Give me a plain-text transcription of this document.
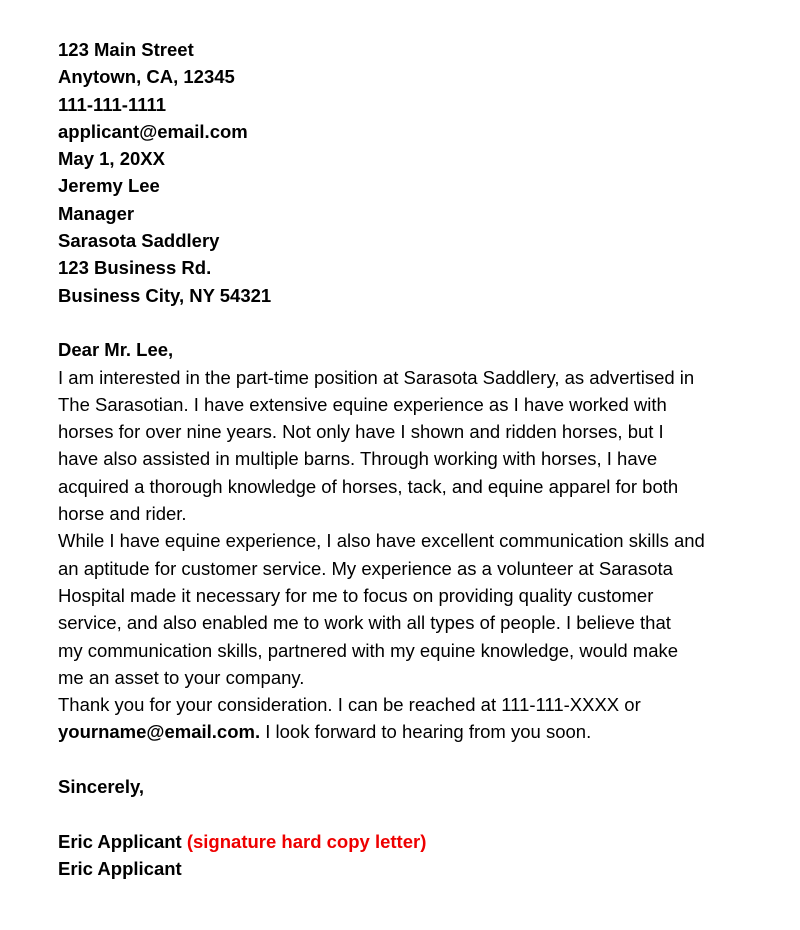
123 Main Street
Anytown, CA, 12345
111-111-1111
applicant@email.com
May 1, 20XX
Jeremy Lee
Manager
Sarasota Saddlery
123 Business Rd.
Business City, NY 54321
Dear Mr. Lee,
I am interested in the part-time position at Sarasota Saddlery, as advertised in
The Sarasotian. I have extensive equine experience as I have worked with
horses for over nine years. Not only have I shown and ridden horses, but I
have also assisted in multiple barns. Through working with horses, I have
acquired a thorough knowledge of horses, tack, and equine apparel for both
horse and rider.
While I have equine experience, I also have excellent communication skills and
an aptitude for customer service. My experience as a volunteer at Sarasota
Hospital made it necessary for me to focus on providing quality customer
service, and also enabled me to work with all types of people. I believe that
my communication skills, partnered with my equine knowledge, would make
me an asset to your company.
Thank you for your consideration. I can be reached at 111-111-XXXX or
yourname@email.com. I look forward to hearing from you soon.
Sincerely,
Eric Applicant (signature hard copy letter)
Eric Applicant
